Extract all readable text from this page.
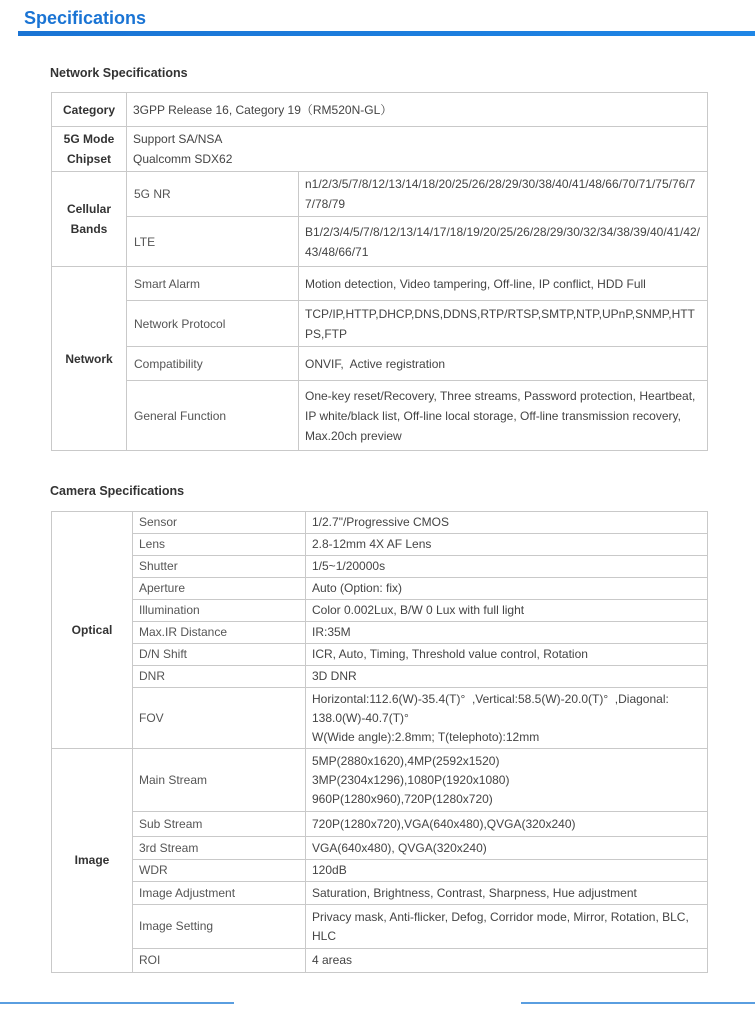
Specifications
Network Specifications
Category	3GPP Release 16, Category 19（RM520N-GL）	
5G Mode Chipset	Support SA/NSA
Qualcomm SDX62	

Cellular Bands	5G NR	n1/2/3/5/7/8/12/13/14/18/20/25/26/28/29/30/38/40/41/48/66/70/71/75/76/77/78/79
	LTE	B1/2/3/4/5/7/8/12/13/14/17/18/19/20/25/26/28/29/30/32/34/38/39/40/41/42/43/48/66/71
Network	Smart Alarm	Motion detection, Video tampering, Off-line, IP conflict, HDD Full
	Network Protocol	TCP/IP,HTTP,DHCP,DNS,DDNS,RTP/RTSP,SMTP,NTP,UPnP,SNMP,HTTPS,FTP
	Compatibility	ONVIF,  Active registration
	General Function	One-key reset/Recovery, Three streams, Password protection, Heartbeat, IP white/black list, Off-line local storage, Off-line transmission recovery, Max.20ch preview
Camera Specifications
Optical	Sensor	1/2.7"/Progressive CMOS
	Lens	2.8-12mm 4X AF Lens
	Shutter	1/5~1/20000s
	Aperture	Auto (Option: fix)
	Illumination	Color 0.002Lux, B/W 0 Lux with full light
	Max.IR Distance	IR:35M
	D/N Shift	ICR, Auto, Timing, Threshold value control, Rotation
	DNR	3D DNR
	FOV	Horizontal:112.6(W)-35.4(T)°  ,Vertical:58.5(W)-20.0(T)°  ,Diagonal:
138.0(W)-40.7(T)°
W(Wide angle):2.8mm; T(telephoto):12mm

Image	Main Stream	5MP(2880x1620),4MP(2592x1520)
3MP(2304x1296),1080P(1920x1080)
960P(1280x960),720P(1280x720)

	Sub Stream	720P(1280x720),VGA(640x480),QVGA(320x240)
	3rd Stream	VGA(640x480), QVGA(320x240)
	WDR	120dB
	Image Adjustment	Saturation, Brightness, Contrast, Sharpness, Hue adjustment
	Image Setting	Privacy mask, Anti-flicker, Defog, Corridor mode, Mirror, Rotation, BLC, HLC
	ROI	4 areas
